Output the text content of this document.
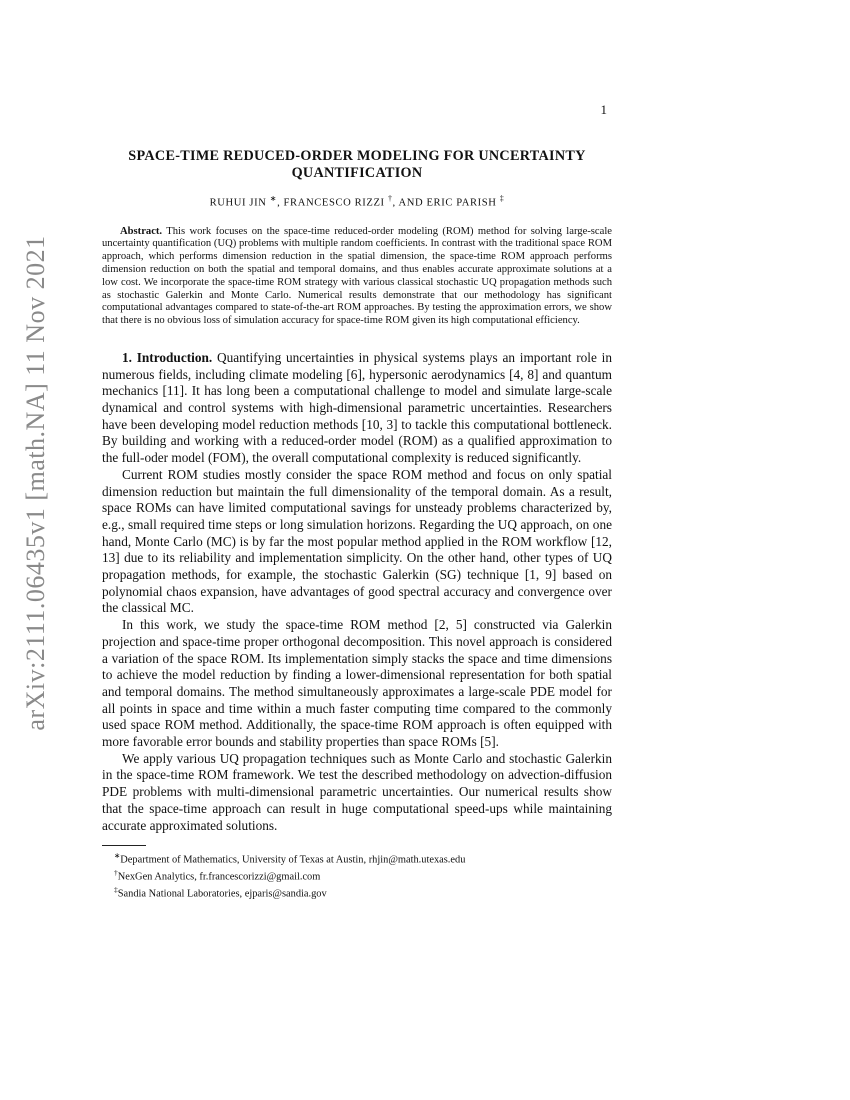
arXiv:2111.06435v1 [math.NA] 11 Nov 2021
1
SPACE-TIME REDUCED-ORDER MODELING FOR UNCERTAINTY QUANTIFICATION
RUHUI JIN ∗, FRANCESCO RIZZI †, AND ERIC PARISH ‡
Abstract. This work focuses on the space-time reduced-order modeling (ROM) method for solving large-scale uncertainty quantification (UQ) problems with multiple random coefficients. In contrast with the traditional space ROM approach, which performs dimension reduction in the spatial dimension, the space-time ROM approach performs dimension reduction on both the spatial and temporal domains, and thus enables accurate approximate solutions at a low cost. We incorporate the space-time ROM strategy with various classical stochastic UQ propagation methods such as stochastic Galerkin and Monte Carlo. Numerical results demonstrate that our methodology has significant computational advantages compared to state-of-the-art ROM approaches. By testing the approximation errors, we show that there is no obvious loss of simulation accuracy for space-time ROM given its high computational efficiency.

1. Introduction. Quantifying uncertainties in physical systems plays an important role in numerous fields, including climate modeling [6], hypersonic aerodynamics [4, 8] and quantum mechanics [11]. It has long been a computational challenge to model and simulate large-scale dynamical and control systems with high-dimensional parametric uncertainties. Researchers have been developing model reduction methods [10, 3] to tackle this computational bottleneck. By building and working with a reduced-order model (ROM) as a qualified approximation to the full-oder model (FOM), the overall computational complexity is reduced significantly.

Current ROM studies mostly consider the space ROM method and focus on only spatial dimension reduction but maintain the full dimensionality of the temporal domain. As a result, space ROMs can have limited computational savings for unsteady problems characterized by, e.g., small required time steps or long simulation horizons. Regarding the UQ approach, on one hand, Monte Carlo (MC) is by far the most popular method applied in the ROM workflow [12, 13] due to its reliability and implementation simplicity. On the other hand, other types of UQ propagation methods, for example, the stochastic Galerkin (SG) technique [1, 9] based on polynomial chaos expansion, have advantages of good spectral accuracy and convergence over the classical MC.

In this work, we study the space-time ROM method [2, 5] constructed via Galerkin projection and space-time proper orthogonal decomposition. This novel approach is considered a variation of the space ROM. Its implementation simply stacks the space and time dimensions to achieve the model reduction by finding a lower-dimensional representation for both spatial and temporal domains. The method simultaneously approximates a large-scale PDE model for all points in space and time within a much faster computing time compared to the commonly used space ROM method. Additionally, the space-time ROM approach is often equipped with more favorable error bounds and stability properties than space ROMs [5].

We apply various UQ propagation techniques such as Monte Carlo and stochastic Galerkin in the space-time ROM framework. We test the described methodology on advection-diffusion PDE problems with multi-dimensional parametric uncertainties. Our numerical results show that the space-time approach can result in huge computational speed-ups while maintaining accurate approximated solutions.

∗Department of Mathematics, University of Texas at Austin, rhjin@math.utexas.edu
†NexGen Analytics, fr.francescorizzi@gmail.com
‡Sandia National Laboratories, ejparis@sandia.gov
